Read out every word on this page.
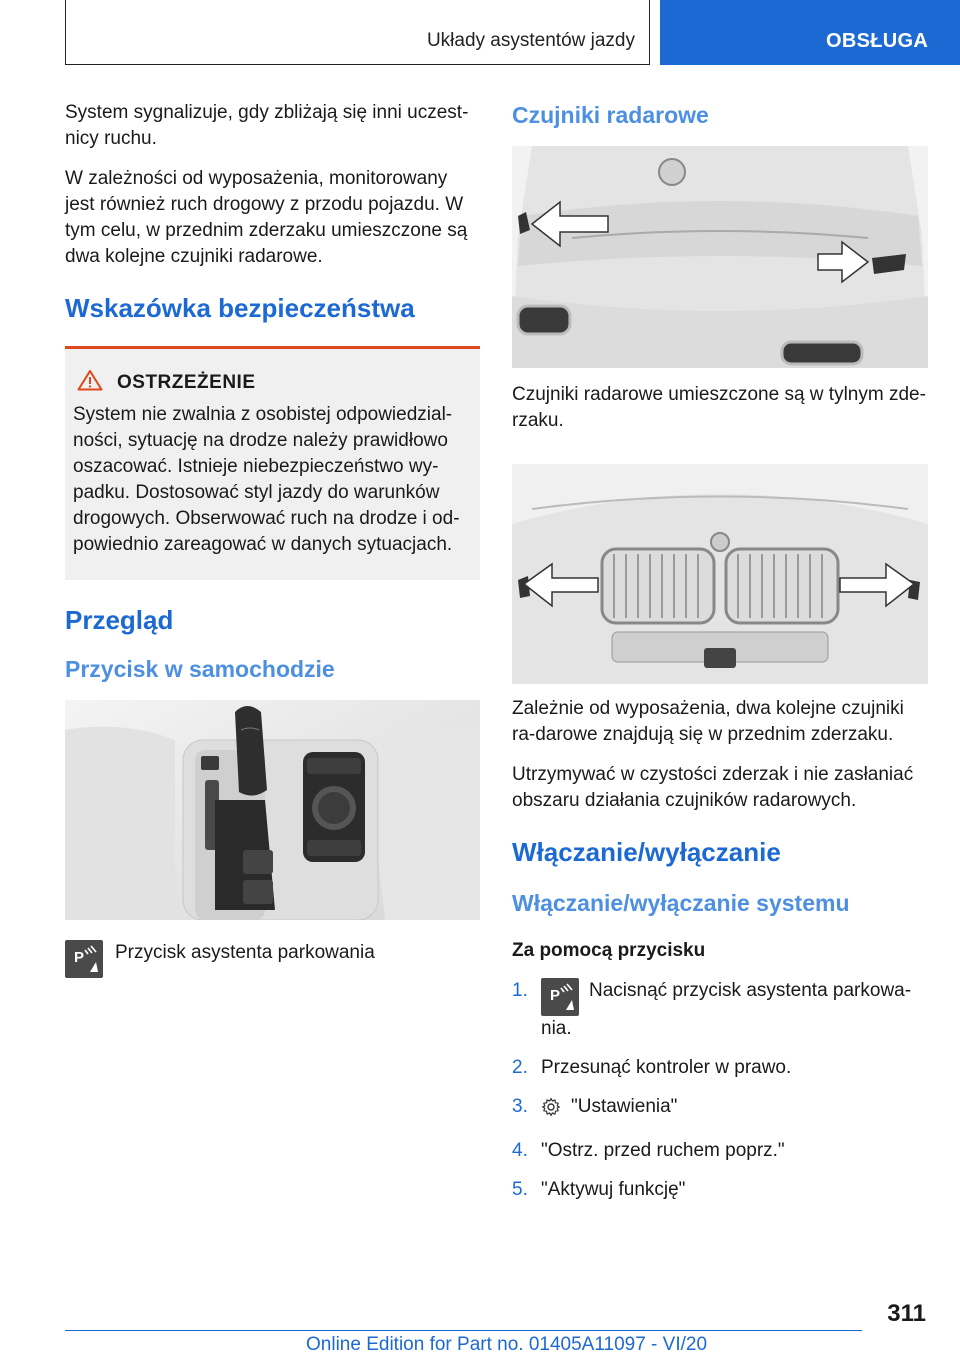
Układy asystentów jazdy	OBSŁUGA

System sygnalizuje, gdy zbliżają się inni uczest-nicy ruchu.

W zależności od wyposażenia, monitorowany jest również ruch drogowy z przodu pojazdu. W tym celu, w przednim zderzaku umieszczone są dwa kolejne czujniki radarowe.

Wskazówka bezpieczeństwa
OSTRZEŻENIE
System nie zwalnia z osobistej odpowiedzial-ności, sytuację na drodze należy prawidłowo oszacować. Istnieje niebezpieczeństwo wy-padku. Dostosować styl jazdy do warunków drogowych. Obserwować ruch na drodze i od-powiednio zareagować w danych sytuacjach.
Przegląd
Przycisk w samochodzie
P Przycisk asystenta parkowania
Czujniki radarowe

Czujniki radarowe umieszczone są w tylnym zde-rzaku.

Zależnie od wyposażenia, dwa kolejne czujniki ra-darowe znajdują się w przednim zderzaku.

Utrzymywać w czystości zderzak i nie zasłaniać obszaru działania czujników radarowych.

Włączanie/wyłączanie
Włączanie/wyłączanie systemu
Za pomocą przycisku
1.	P Nacisnąć przycisk asystenta parkowa-nia.
2. Przesunąć kontroler w prawo.
3.	"Ustawienia"
4. "Ostrz. przed ruchem poprz."
5. "Aktywuj funkcję"
311
Online Edition for Part no. 01405A11097 - VI/20
